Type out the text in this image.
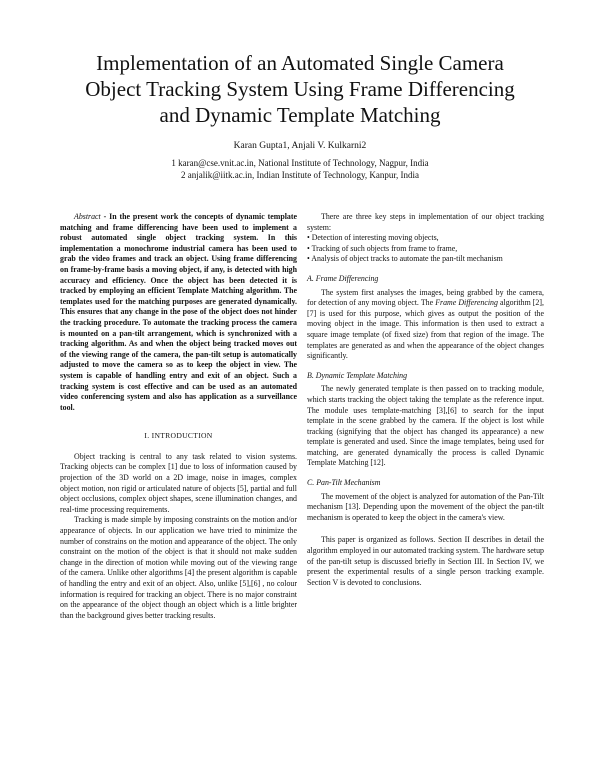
Implementation of an Automated Single Camera
Object Tracking System Using Frame Differencing
and Dynamic Template Matching
Karan Gupta1, Anjali V. Kulkarni2
1 karan@cse.vnit.ac.in, National Institute of Technology, Nagpur, India
2 anjalik@iitk.ac.in, Indian Institute of Technology, Kanpur, India

Abstract - In the present work the concepts of dynamic template matching and frame differencing have been used to implement a robust automated single object tracking system. In this implementation a monochrome industrial camera has been used to grab the video frames and track an object. Using frame differencing on frame-by-frame basis a moving object, if any, is detected with high accuracy and efficiency. Once the object has been detected it is tracked by employing an efficient Template Matching algorithm. The templates used for the matching purposes are generated dynamically. This ensures that any change in the pose of the object does not hinder the tracking procedure. To automate the tracking process the camera is mounted on a pan-tilt arrangement, which is synchronized with a tracking algorithm. As and when the object being tracked moves out of the viewing range of the camera, the pan-tilt setup is automatically adjusted to move the camera so as to keep the object in view. The system is capable of handling entry and exit of an object. Such a tracking system is cost effective and can be used as an automated video conferencing system and also has application as a surveillance tool.

I. INTRODUCTION

Object tracking is central to any task related to vision systems. Tracking objects can be complex [1] due to loss of information caused by projection of the 3D world on a 2D image, noise in images, complex object motion, non rigid or articulated nature of objects [5], partial and full object occlusions, complex object shapes, scene illumination changes, and real-time processing requirements.

Tracking is made simple by imposing constraints on the motion and/or appearance of objects. In our application we have tried to minimize the number of constrains on the motion and appearance of the object. The only constraint on the motion of the object is that it should not make sudden change in the direction of motion while moving out of the viewing range of the camera. Unlike other algorithms [4] the present algorithm is capable of handling the entry and exit of an object. Also, unlike [5],[6] , no colour information is required for tracking an object. There is no major constraint on the appearance of the object though an object which is a little brighter than the background gives better tracking results.

There are three key steps in implementation of our object tracking system:

• Detection of interesting moving objects,

• Tracking of such objects from frame to frame,

• Analysis of object tracks to automate the pan-tilt mechanism

A. Frame Differencing

The system first analyses the images, being grabbed by the camera, for detection of any moving object. The Frame Differencing algorithm [2], [7] is used for this purpose, which gives as output the position of the moving object in the image. This information is then used to extract a square image template (of fixed size) from that region of the image. The templates are generated as and when the appearance of the object changes significantly.

B. Dynamic Template Matching

The newly generated template is then passed on to tracking module, which starts tracking the object taking the template as the reference input. The module uses template-matching [3],[6] to search for the input template in the scene grabbed by the camera. If the object is lost while tracking (signifying that the object has changed its appearance) a new template is generated and used. Since the image templates, being used for matching, are generated dynamically the process is called Dynamic Template Matching [12].

C. Pan-Tilt Mechanism

The movement of the object is analyzed for automation of the Pan-Tilt mechanism [13]. Depending upon the movement of the object the pan-tilt mechanism is operated to keep the object in the camera's view.

This paper is organized as follows. Section II describes in detail the algorithm employed in our automated tracking system. The hardware setup of the pan-tilt setup is discussed briefly in Section III. In Section IV, we present the experimental results of a single person tracking example. Section V is devoted to conclusions.
